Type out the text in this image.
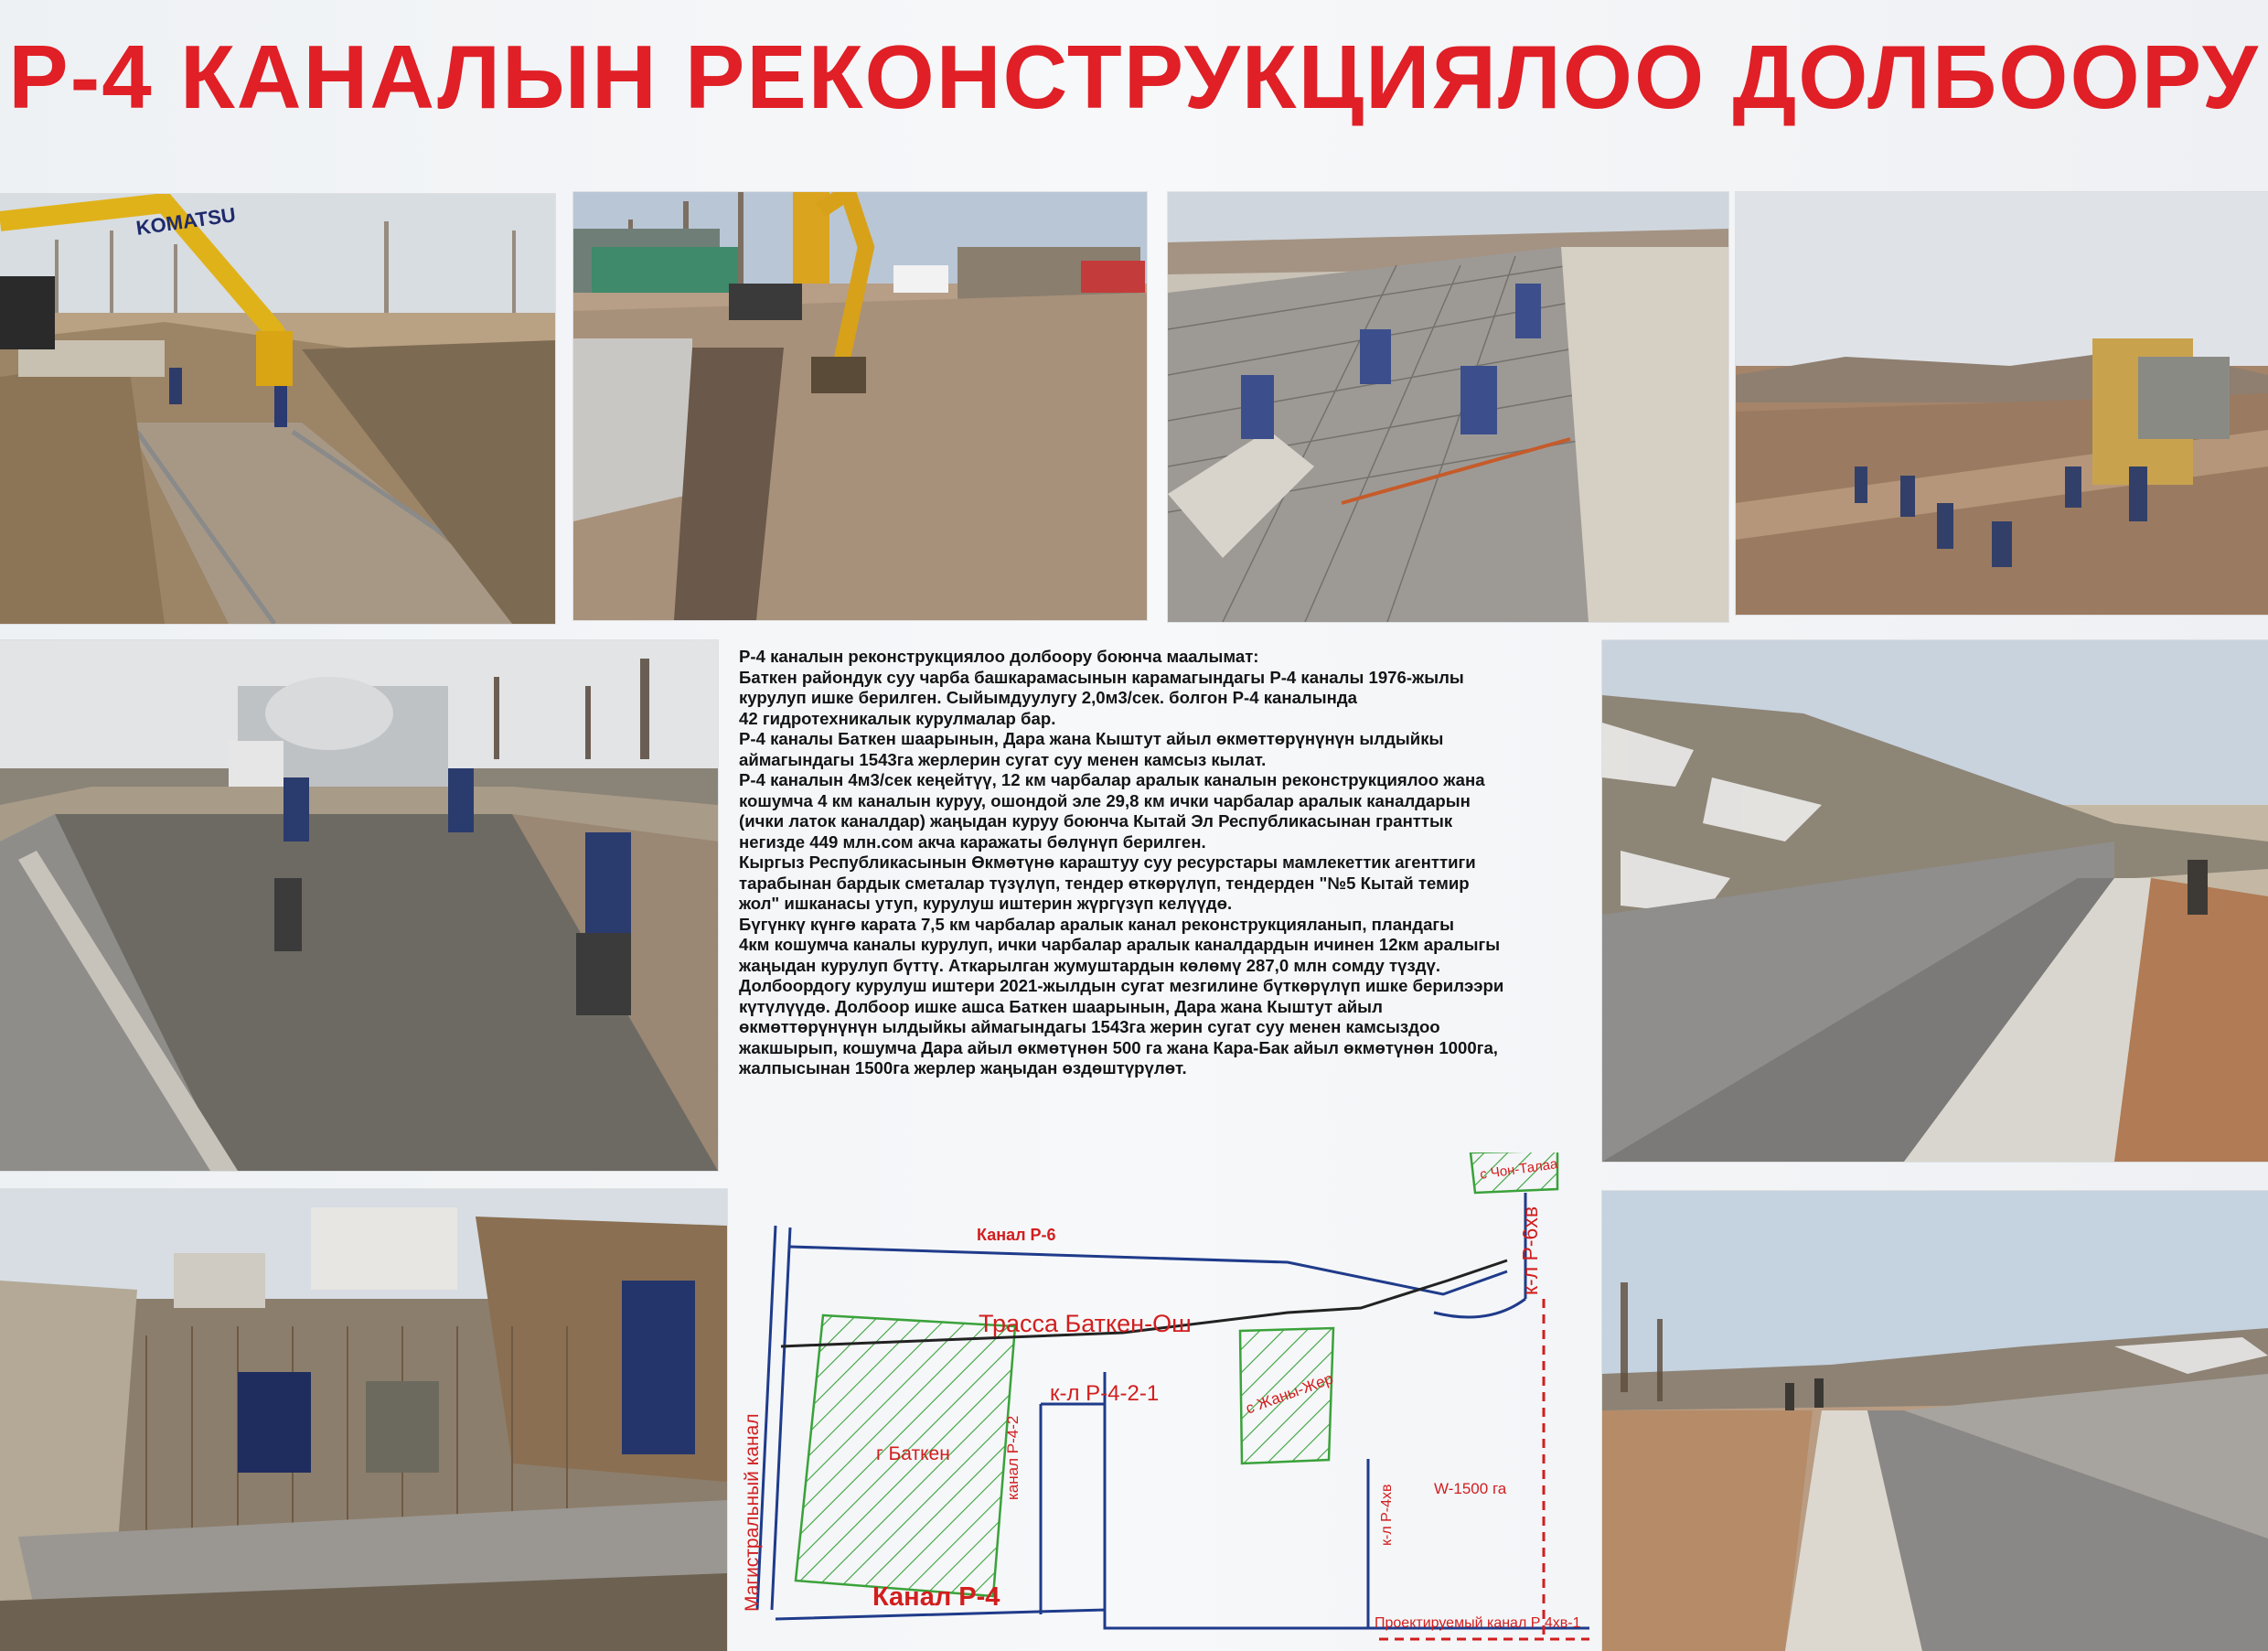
Р-4 КАНАЛЫН РЕКОНСТРУКЦИЯЛОО ДОЛБООРУ
KOMATSU

Р-4 каналын реконструкциялоо долбоору боюнча маалымат:

Баткен райондук суу чарба башкарамасынын карамагындагы Р-4 каналы 1976-жылы

курулуп ишке берилген. Сыйымдуулугу 2,0м3/сек. болгон Р-4 каналында

42 гидротехникалык курулмалар бар.

Р-4 каналы Баткен шаарынын, Дара жана Кыштут айыл өкмөттөрүнүнүн ылдыйкы

аймагындагы 1543га жерлерин сугат суу менен камсыз кылат.

Р-4 каналын 4м3/сек кеңейтүү, 12 км чарбалар аралык каналын реконструкциялоо жана

кошумча 4 км каналын куруу, ошондой эле 29,8 км ички чарбалар аралык каналдарын

(ички латок каналдар) жаңыдан куруу боюнча Кытай Эл Республикасынан гранттык

негизде 449 млн.сом акча каражаты бөлүнүп берилген.

Кыргыз Республикасынын Өкмөтүнө караштуу суу ресурстары мамлекеттик агенттиги

тарабынан бардык сметалар түзүлүп, тендер өткөрүлүп, тендерден "№5 Кытай темир

жол" ишканасы утуп, курулуш иштерин жүргүзүп келүүдө.

Бүгүнкү күнгө карата 7,5 км чарбалар аралык канал реконструкцияланып, пландагы

4км кошумча каналы курулуп, ички чарбалар аралык каналдардын ичинен 12км аралыгы

жаңыдан курулуп бүттү. Аткарылган жумуштардын көлөмү 287,0 млн сомду түздү.

Долбоордогу курулуш иштери 2021-жылдын сугат мезгилине бүткөрүлүп ишке берилээри

күтүлүүдө. Долбоор ишке ашса Баткен шаарынын, Дара жана Кыштут айыл

өкмөттөрүнүнүн ылдыйкы аймагындагы 1543га жерин сугат суу менен камсыздоо

жакшырып, кошумча Дара айыл өкмөтүнөн 500 га жана Кара-Бак айыл өкмөтүнөн 1000га,

жалпысынан 1500га жерлер жаңыдан өздөштүрүлөт.

Канал Р-6
Трасса Баткен-Ош
Магистральный канал	г Баткен
к-л Р-4-2-1	с Жаны-Жер
канал Р-4-2
к-л Р-4хв	W-1500 га
Канал Р-4
Проектируемый канал Р 4хв-1
к-л Р-6хв
с Чон-Талаа
